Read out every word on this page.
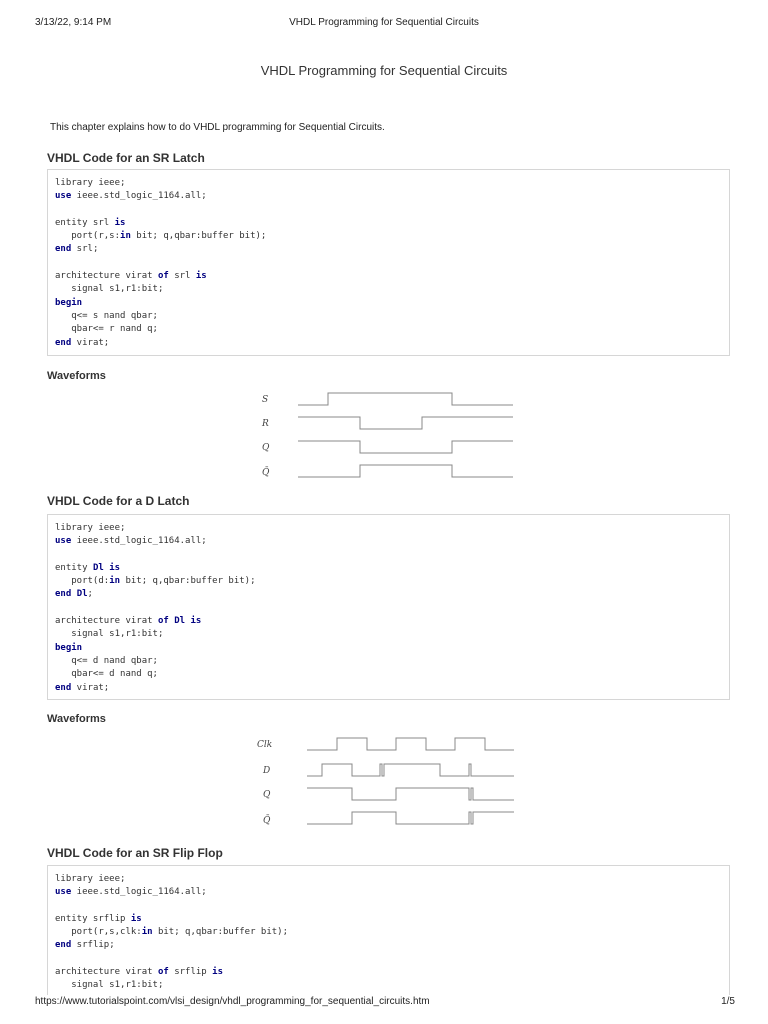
3/13/22, 9:14 PM	VHDL Programming for Sequential Circuits
VHDL Programming for Sequential Circuits
This chapter explains how to do VHDL programming for Sequential Circuits.
VHDL Code for an SR Latch
library ieee;
use ieee.std_logic_1164.all;
entity srl is
port(r,s:in bit; q,qbar:buffer bit);
end srl;
architecture virat of srl is
signal s1,r1:bit;
begin
q<= s nand qbar;
qbar<= r nand q;
end virat;
Waveforms
S
R
Q
Q̄
VHDL Code for a D Latch
library ieee;
use ieee.std_logic_1164.all;
entity Dl is
port(d:in bit; q,qbar:buffer bit);
end Dl;
architecture virat of Dl is
signal s1,r1:bit;
begin
q<= d nand qbar;
qbar<= d nand q;
end virat;
Waveforms
Clk
D
Q
Q̄
VHDL Code for an SR Flip Flop
library ieee;
use ieee.std_logic_1164.all;
entity srflip is
port(r,s,clk:in bit; q,qbar:buffer bit);
end srflip;
architecture virat of srflip is
signal s1,r1:bit;
https://www.tutorialspoint.com/vlsi_design/vhdl_programming_for_sequential_circuits.htm	1/5
